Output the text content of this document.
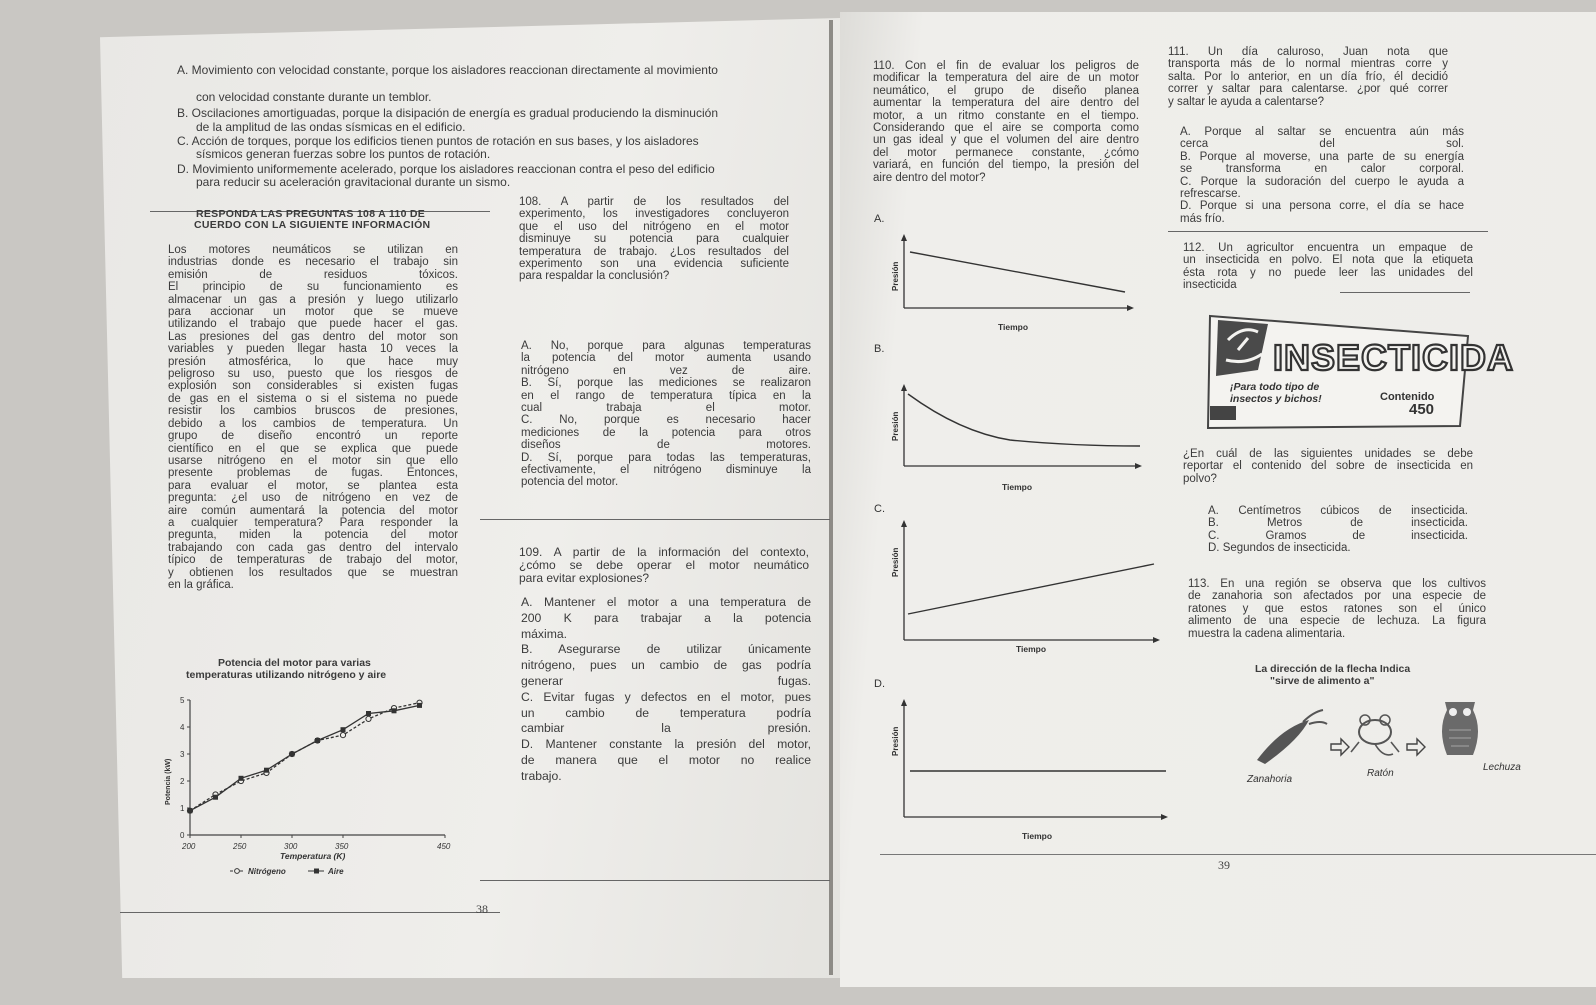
A. Movimiento con velocidad constante, porque los aisladores reaccionan directamente al movimiento
con velocidad constante durante un temblor.
B. Oscilaciones amortiguadas, porque la disipación de energía es gradual produciendo la disminución
de la amplitud de las ondas sísmicas en el edificio.
C. Acción de torques, porque los edificios tienen puntos de rotación en sus bases, y los aisladores
sísmicos generan fuerzas sobre los puntos de rotación.
D. Movimiento uniformemente acelerado, porque los aisladores reaccionan contra el peso del edificio
para reducir su aceleración gravitacional durante un sismo.
RESPONDA LAS PREGUNTAS 108 A 110 DE
CUERDO CON LA SIGUIENTE INFORMACIÓN
Los motores neumáticos se utilizan en
industrias donde es necesario el trabajo sin
emisión de residuos tóxicos.
El principio de su funcionamiento es
almacenar un gas a presión y luego utilizarlo
para accionar un motor que se mueve
utilizando el trabajo que puede hacer el gas.
Las presiones del gas dentro del motor son
variables y pueden llegar hasta 10 veces la
presión atmosférica, lo que hace muy
peligroso su uso, puesto que los riesgos de
explosión son considerables si existen fugas
de gas en el sistema o si el sistema no puede
resistir los cambios bruscos de presiones,
debido a los cambios de temperatura. Un
grupo de diseño encontró un reporte
científico en el que se explica que puede
usarse nitrógeno en el motor sin que ello
presente problemas de fugas. Entonces,
para evaluar el motor, se plantea esta
pregunta: ¿el uso de nitrógeno en vez de
aire común aumentará la potencia del motor
a cualquier temperatura? Para responder la
pregunta, miden la potencia del motor
trabajando con cada gas dentro del intervalo
típico de temperaturas de trabajo del motor,
y obtienen los resultados que se muestran
en la gráfica.
108. A partir de los resultados del
experimento, los investigadores concluyeron
que el uso del nitrógeno en el motor
disminuye su potencia para cualquier
temperatura de trabajo. ¿Los resultados del
experimento son una evidencia suficiente
para respaldar la conclusión?
A. No, porque para algunas temperaturas
la potencia del motor aumenta usando
nitrógeno en vez de aire.
B. Sí, porque las mediciones se realizaron
en el rango de temperatura típica en la
cual trabaja el motor.
C. No, porque es necesario hacer
mediciones de la potencia para otros
diseños de motores.
D. Sí, porque para todas las temperaturas,
efectivamente, el nitrógeno disminuye la
potencia del motor.
109. A partir de la información del contexto,
¿cómo se debe operar el motor neumático
para evitar explosiones?
A. Mantener el motor a una temperatura de
200 K para trabajar a la potencia
máxima.
B. Asegurarse de utilizar únicamente
nitrógeno, pues un cambio de gas podría
generar fugas.
C. Evitar fugas y defectos en el motor, pues
un cambio de temperatura podría
cambiar la presión.
D. Mantener constante la presión del motor,
de manera que el motor no realice
trabajo.
Potencia del motor para varias
temperaturas utilizando nitrógeno y aire
200	250	300	350	450
0
1
2
3
4
5
Temperatura (K)
Potencia (kW)
Nitrógeno	Aire
38
110. Con el fin de evaluar los peligros de
modificar la temperatura del aire de un motor
neumático, el grupo de diseño planea
aumentar la temperatura del aire dentro del
motor, a un ritmo constante en el tiempo.
Considerando que el aire se comporta como
un gas ideal y que el volumen del aire dentro
del motor permanece constante, ¿cómo
variará, en función del tiempo, la presión del
aire dentro del motor?
A.
Presión
Tiempo
B.
Presión
Tiempo
C.
Presión
Tiempo
D.
Presión
Tiempo
111. Un día caluroso, Juan nota que
transporta más de lo normal mientras corre y
salta. Por lo anterior, en un día frío, él decidió
correr y saltar para calentarse. ¿por qué correr
y saltar le ayuda a calentarse?
A. Porque al saltar se encuentra aún más
cerca del sol.
B. Porque al moverse, una parte de su energía
se transforma en calor corporal.
C. Porque la sudoración del cuerpo le ayuda a
refrescarse.
D. Porque si una persona corre, el día se hace
más frío.
112. Un agricultor encuentra un empaque de
un insecticida en polvo. El nota que la etiqueta
ésta rota y no puede leer las unidades del
insecticida
INSECTICIDA
¡Para todo tipo de
insectos y bichos!	Contenido
450
¿En cuál de las siguientes unidades se debe
reportar el contenido del sobre de insecticida en
polvo?
A. Centímetros cúbicos de insecticida.
B. Metros de insecticida.
C. Gramos de insecticida.
D. Segundos de insecticida.
113. En una región se observa que los cultivos
de zanahoria son afectados por una especie de
ratones y que estos ratones son el único
alimento de una especie de lechuza. La figura
muestra la cadena alimentaria.
La dirección de la flecha Indica
"sirve de alimento a"
Zanahoria
Ratón
Lechuza
39
